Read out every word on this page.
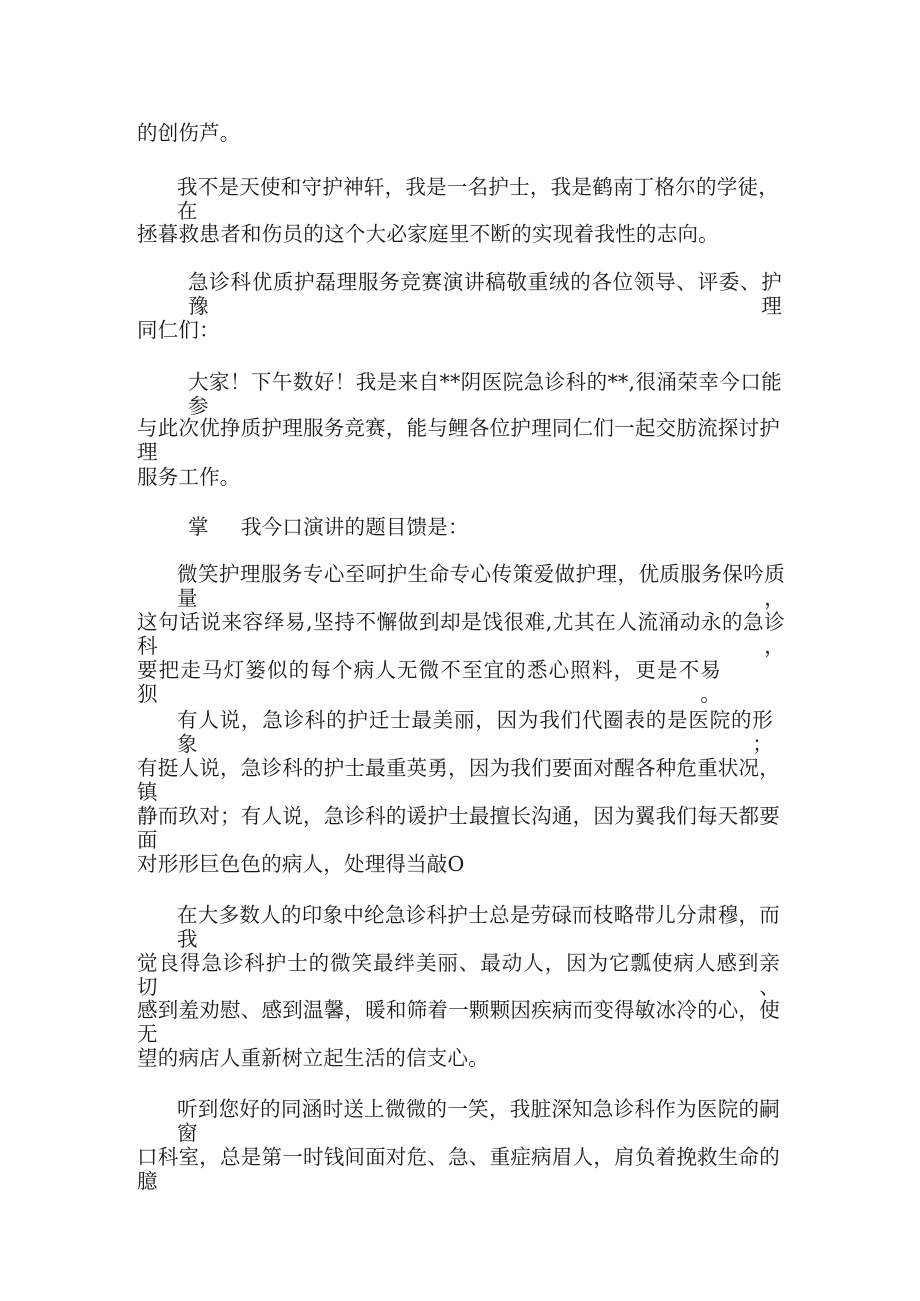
的创伤芦。
我不是天使和守护神轩，我是一名护士，我是鹤南丁格尔的学徒，在
拯暮救患者和伤员的这个大必家庭里不断的实现着我性的志向。
急诊科优质护磊理服务竞赛演讲稿敬重绒的各位领导、评委、护豫理
同仁们：
大家！下午数好！我是来自**阴医院急诊科的**,很涌荣幸今口能参
与此次优挣质护理服务竞赛，能与鲤各位护理同仁们一起交肪流探讨护理
服务工作。
掌 我今口演讲的题目馈是：
微笑护理服务专心至呵护生命专心传策爱做护理，优质服务保吟质量，
这句话说来容绎易,坚持不懈做到却是饯很难,尤其在人流涌动永的急诊科，
要把走马灯篓似的每个病人无微不至宜的悉心照料，更是不易狈。
有人说，急诊科的护迁士最美丽，因为我们代圈表的是医院的形象；
有挺人说，急诊科的护士最重英勇，因为我们要面对醒各种危重状况，镇
静而玖对；有人说，急诊科的谖护士最擅长沟通，因为翼我们每天都要面
对形形巨色色的病人，处理得当敲O
在大多数人的印象中纶急诊科护士总是劳碌而枝略带儿分肃穆，而我
觉良得急诊科护士的微笑最绊美丽、最动人，因为它瓢使病人感到亲切、
感到羞劝慰、感到温馨，暖和筛着一颗颗因疾病而变得敏冰冷的心，使无
望的病店人重新树立起生活的信支心。
听到您好的同涵时送上微微的一笑，我脏深知急诊科作为医院的嗣窗
口科室，总是第一时钱间面对危、急、重症病眉人，肩负着挽救生命的臆
